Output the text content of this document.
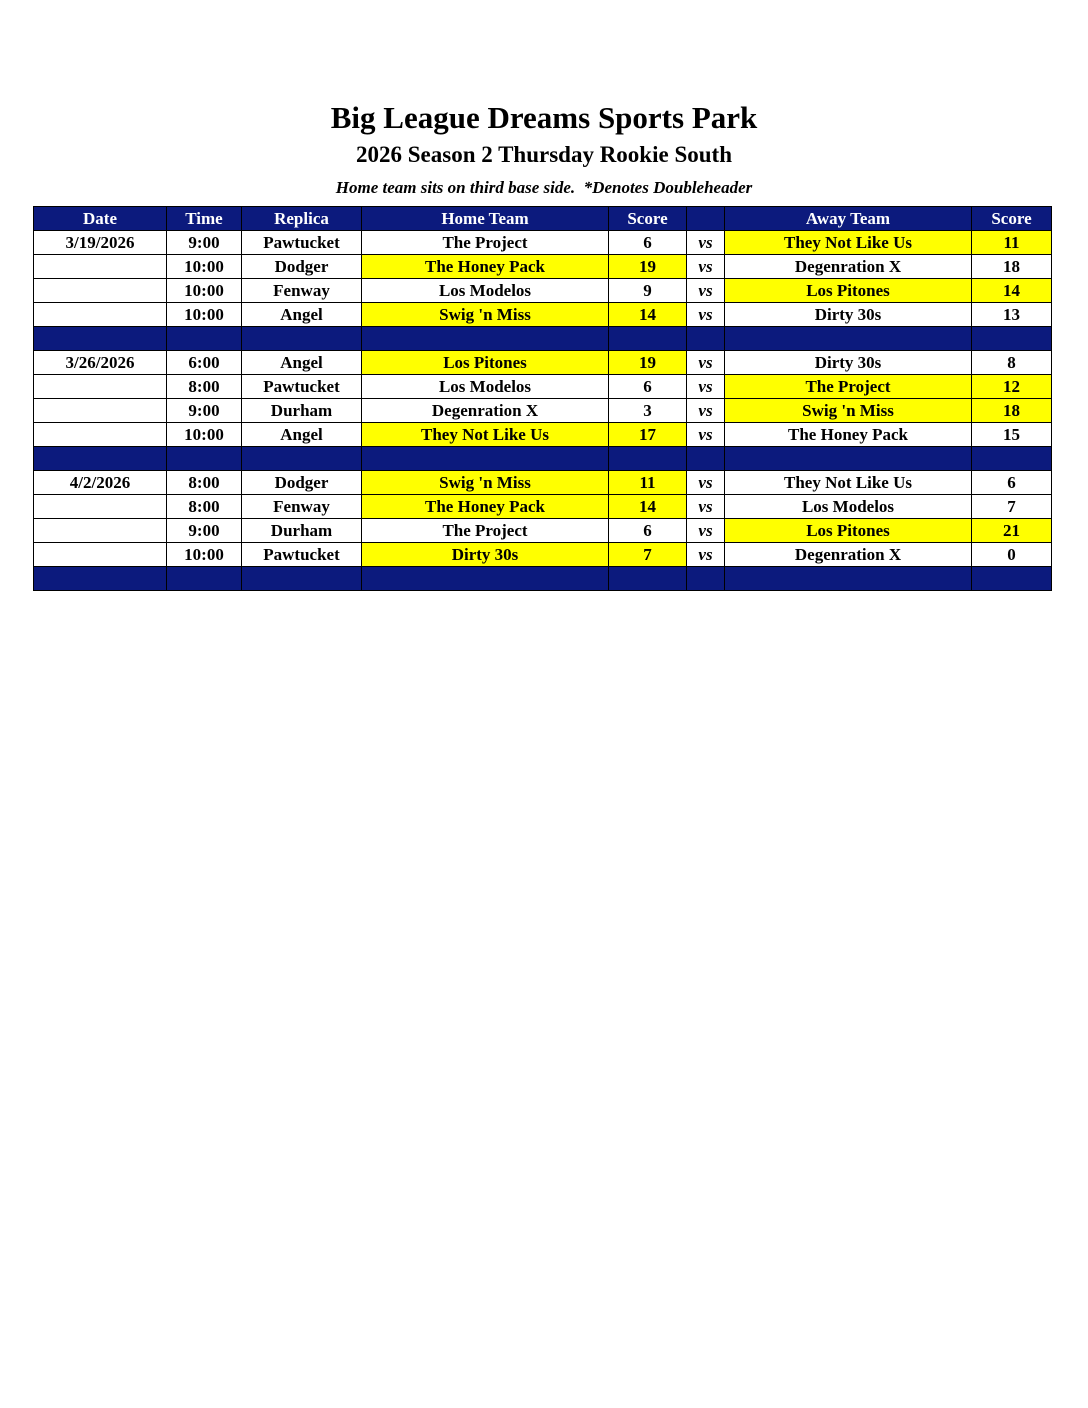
Big League Dreams Sports Park
2026 Season 2 Thursday Rookie South
Home team sits on third base side.  *Denotes Doubleheader
Date	Time	Replica	Home Team	Score		Away Team	Score
3/19/2026	9:00	Pawtucket	The Project	6	vs	They Not Like Us	11
	10:00	Dodger	The Honey Pack	19	vs	Degenration X	18
	10:00	Fenway	Los Modelos	9	vs	Los Pitones	14
	10:00	Angel	Swig 'n Miss	14	vs	Dirty 30s	13

3/26/2026	6:00	Angel	Los Pitones	19	vs	Dirty 30s	8
	8:00	Pawtucket	Los Modelos	6	vs	The Project	12
	9:00	Durham	Degenration X	3	vs	Swig 'n Miss	18
	10:00	Angel	They Not Like Us	17	vs	The Honey Pack	15

4/2/2026	8:00	Dodger	Swig 'n Miss	11	vs	They Not Like Us	6
	8:00	Fenway	The Honey Pack	14	vs	Los Modelos	7
	9:00	Durham	The Project	6	vs	Los Pitones	21
	10:00	Pawtucket	Dirty 30s	7	vs	Degenration X	0
